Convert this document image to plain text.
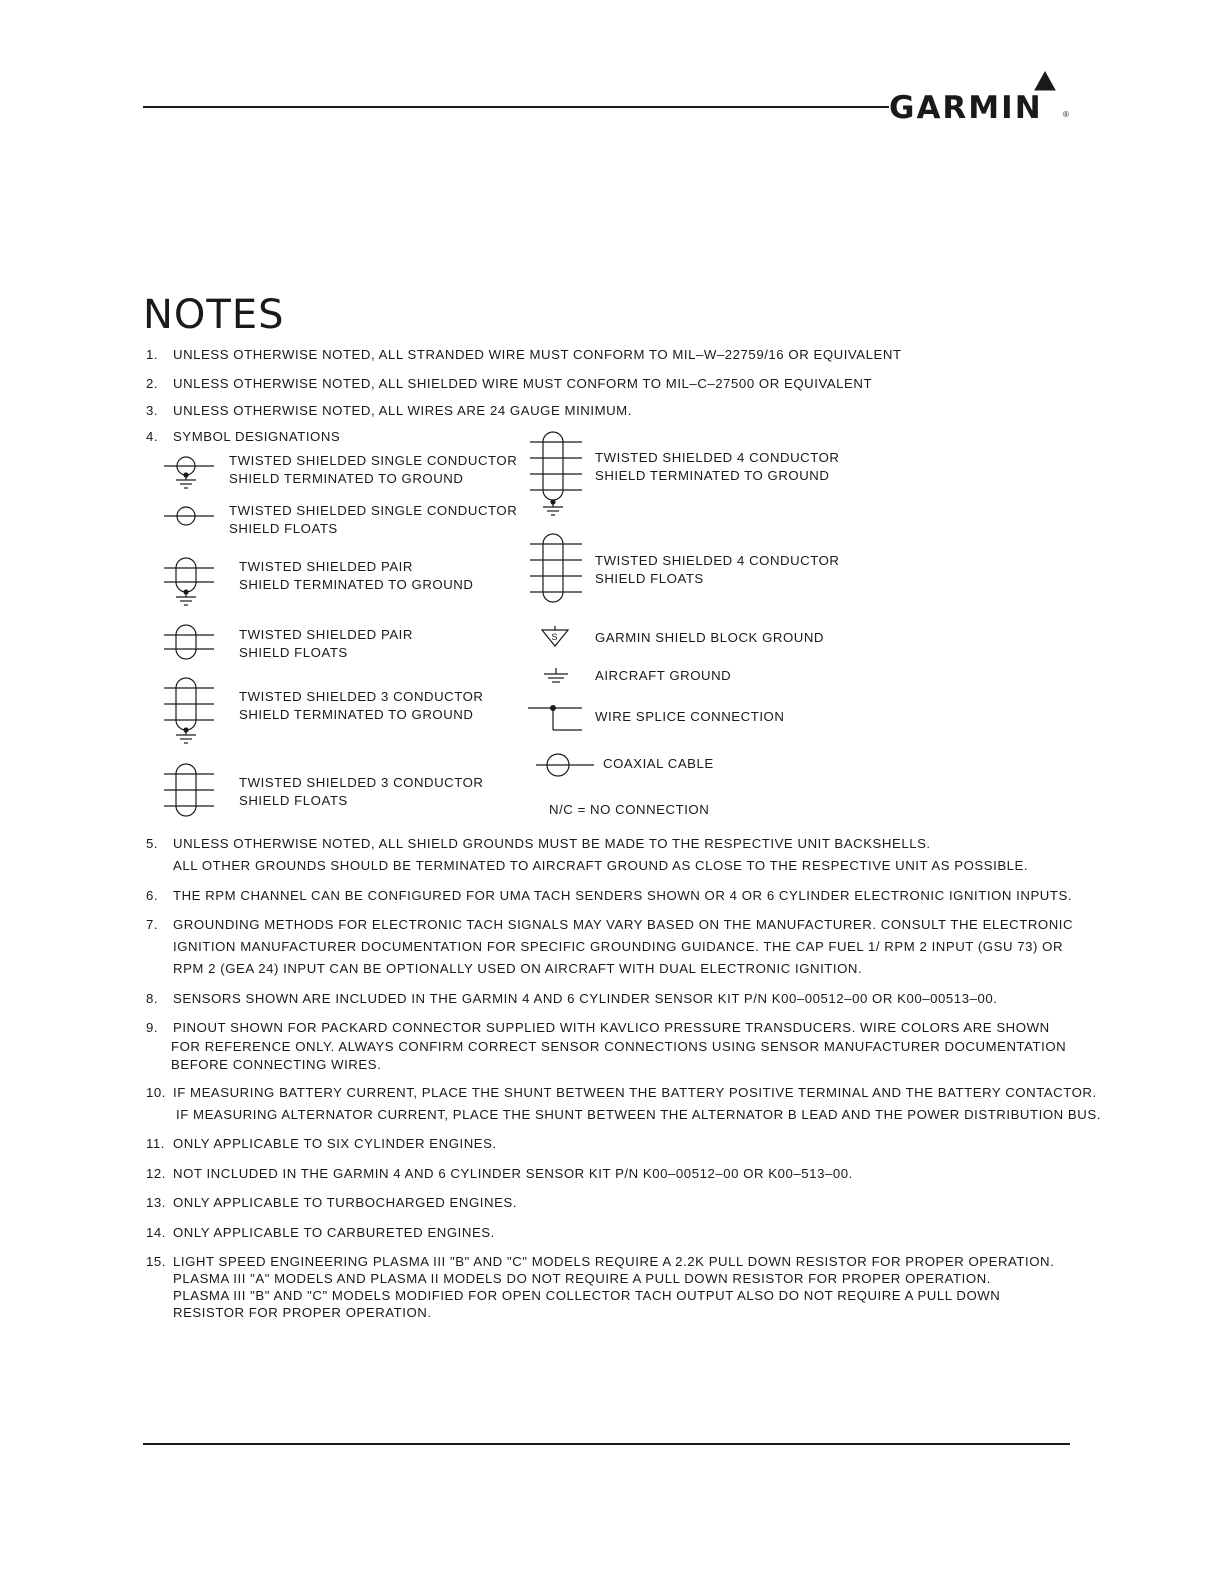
GARMIN	®
NOTES
1. UNLESS OTHERWISE NOTED, ALL STRANDED WIRE MUST CONFORM TO MIL–W–22759/16 OR EQUIVALENT
2. UNLESS OTHERWISE NOTED, ALL SHIELDED WIRE MUST CONFORM TO MIL–C–27500 OR EQUIVALENT
3. UNLESS OTHERWISE NOTED, ALL WIRES ARE 24 GAUGE MINIMUM.
4. SYMBOL DESIGNATIONS
TWISTED SHIELDED SINGLE CONDUCTOR
SHIELD TERMINATED TO GROUND
TWISTED SHIELDED SINGLE CONDUCTOR
SHIELD FLOATS
TWISTED SHIELDED PAIR
SHIELD TERMINATED TO GROUND
TWISTED SHIELDED PAIR
SHIELD FLOATS
TWISTED SHIELDED 3 CONDUCTOR
SHIELD TERMINATED TO GROUND
TWISTED SHIELDED 3 CONDUCTOR
SHIELD FLOATS
TWISTED SHIELDED 4 CONDUCTOR
SHIELD TERMINATED TO GROUND
TWISTED SHIELDED 4 CONDUCTOR
SHIELD FLOATS
S	GARMIN SHIELD BLOCK GROUND
AIRCRAFT GROUND
WIRE SPLICE CONNECTION
COAXIAL CABLE
N/C = NO CONNECTION
5. UNLESS OTHERWISE NOTED, ALL SHIELD GROUNDS MUST BE MADE TO THE RESPECTIVE UNIT BACKSHELLS.
ALL OTHER GROUNDS SHOULD BE TERMINATED TO AIRCRAFT GROUND AS CLOSE TO THE RESPECTIVE UNIT AS POSSIBLE.
6. THE RPM CHANNEL CAN BE CONFIGURED FOR UMA TACH SENDERS SHOWN OR 4 OR 6 CYLINDER ELECTRONIC IGNITION INPUTS.
7. GROUNDING METHODS FOR ELECTRONIC TACH SIGNALS MAY VARY BASED ON THE MANUFACTURER. CONSULT THE ELECTRONIC
IGNITION MANUFACTURER DOCUMENTATION FOR SPECIFIC GROUNDING GUIDANCE. THE CAP FUEL 1/ RPM 2 INPUT (GSU 73) OR
RPM 2 (GEA 24) INPUT CAN BE OPTIONALLY USED ON AIRCRAFT WITH DUAL ELECTRONIC IGNITION.
8. SENSORS SHOWN ARE INCLUDED IN THE GARMIN 4 AND 6 CYLINDER SENSOR KIT P/N K00–00512–00 OR K00–00513–00.
9. PINOUT SHOWN FOR PACKARD CONNECTOR SUPPLIED WITH KAVLICO PRESSURE TRANSDUCERS. WIRE COLORS ARE SHOWN
FOR REFERENCE ONLY. ALWAYS CONFIRM CORRECT SENSOR CONNECTIONS USING SENSOR MANUFACTURER DOCUMENTATION
BEFORE CONNECTING WIRES.
10. IF MEASURING BATTERY CURRENT, PLACE THE SHUNT BETWEEN THE BATTERY POSITIVE TERMINAL AND THE BATTERY CONTACTOR.
IF MEASURING ALTERNATOR CURRENT, PLACE THE SHUNT BETWEEN THE ALTERNATOR B LEAD AND THE POWER DISTRIBUTION BUS.
11. ONLY APPLICABLE TO SIX CYLINDER ENGINES.
12. NOT INCLUDED IN THE GARMIN 4 AND 6 CYLINDER SENSOR KIT P/N K00–00512–00 OR K00–513–00.
13. ONLY APPLICABLE TO TURBOCHARGED ENGINES.
14. ONLY APPLICABLE TO CARBURETED ENGINES.
15. LIGHT SPEED ENGINEERING PLASMA III "B" AND "C" MODELS REQUIRE A 2.2K PULL DOWN RESISTOR FOR PROPER OPERATION.
PLASMA III "A" MODELS AND PLASMA II MODELS DO NOT REQUIRE A PULL DOWN RESISTOR FOR PROPER OPERATION.
PLASMA III "B" AND "C" MODELS MODIFIED FOR OPEN COLLECTOR TACH OUTPUT ALSO DO NOT REQUIRE A PULL DOWN
RESISTOR FOR PROPER OPERATION.
